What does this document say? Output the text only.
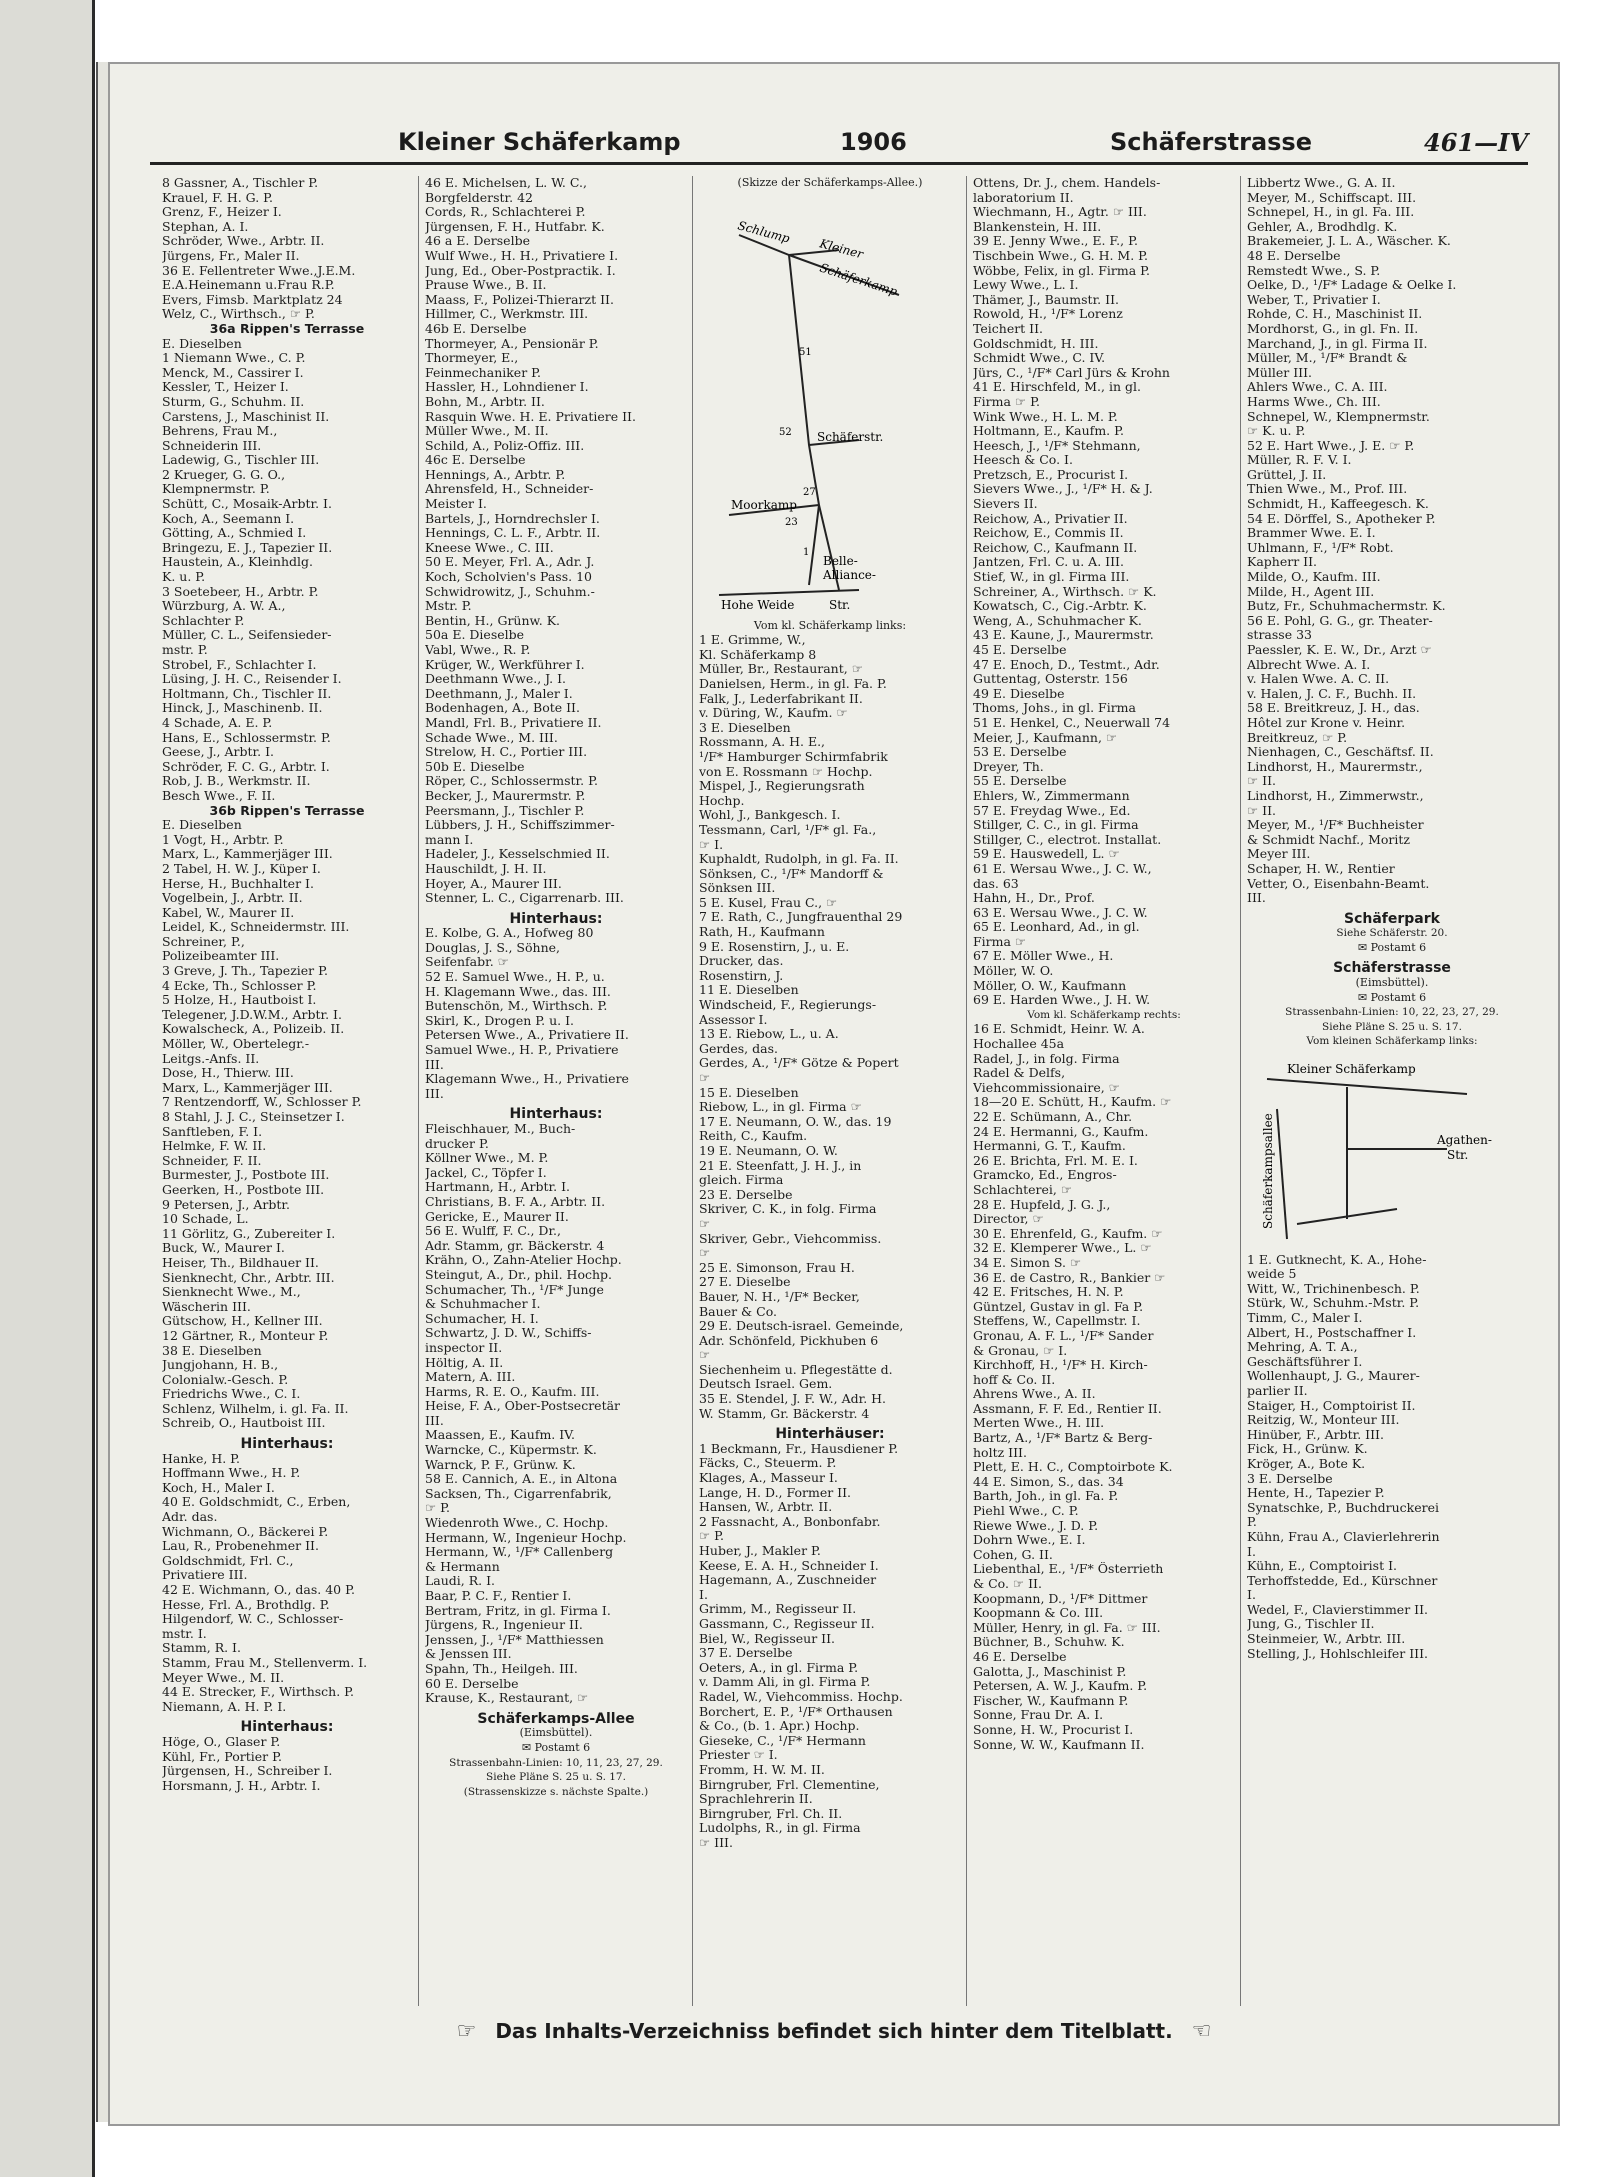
Kleiner Schäferkamp	1906	Schäferstrasse	461—IV
8 Gassner, A., Tischler P.
Krauel, F. H. G. P.
Grenz, F., Heizer I.
Stephan, A. I.
Schröder, Wwe., Arbtr. II.
Jürgens, Fr., Maler II.
36 E. Fellentreter Wwe.,J.E.M.
E.A.Heinemann u.Frau R.P.
Evers, Fimsb. Marktplatz 24
Welz, C., Wirthsch., ☞ P.
36a Rippen's Terrasse
E. Dieselben
1 Niemann Wwe., C. P.
Menck, M., Cassirer I.
Kessler, T., Heizer I.
Sturm, G., Schuhm. II.
Carstens, J., Maschinist II.
Behrens, Frau M.,
Schneiderin III.
Ladewig, G., Tischler III.
2 Krueger, G. G. O.,
Klempnermstr. P.
Schütt, C., Mosaik-Arbtr. I.
Koch, A., Seemann I.
Götting, A., Schmied I.
Bringezu, E. J., Tapezier II.
Haustein, A., Kleinhdlg.
K. u. P.
3 Soetebeer, H., Arbtr. P.
Würzburg, A. W. A.,
Schlachter P.
Müller, C. L., Seifensieder-
mstr. P.
Strobel, F., Schlachter I.
Lüsing, J. H. C., Reisender I.
Holtmann, Ch., Tischler II.
Hinck, J., Maschinenb. II.
4 Schade, A. E. P.
Hans, E., Schlossermstr. P.
Geese, J., Arbtr. I.
Schröder, F. C. G., Arbtr. I.
Rob, J. B., Werkmstr. II.
Besch Wwe., F. II.
36b Rippen's Terrasse
E. Dieselben
1 Vogt, H., Arbtr. P.
Marx, L., Kammerjäger III.
2 Tabel, H. W. J., Küper I.
Herse, H., Buchhalter I.
Vogelbein, J., Arbtr. II.
Kabel, W., Maurer II.
Leidel, K., Schneidermstr. III.
Schreiner, P.,
Polizeibeamter III.
3 Greve, J. Th., Tapezier P.
4 Ecke, Th., Schlosser P.
5 Holze, H., Hautboist I.
Telegener, J.D.W.M., Arbtr. I.
Kowalscheck, A., Polizeib. II.
Möller, W., Obertelegr.-
Leitgs.-Anfs. II.
Dose, H., Thierw. III.
Marx, L., Kammerjäger III.
7 Rentzendorff, W., Schlosser P.
8 Stahl, J. J. C., Steinsetzer I.
Sanftleben, F. I.
Helmke, F. W. II.
Schneider, F. II.
Burmester, J., Postbote III.
Geerken, H., Postbote III.
9 Petersen, J., Arbtr.
10 Schade, L.
11 Görlitz, G., Zubereiter I.
Buck, W., Maurer I.
Heiser, Th., Bildhauer II.
Sienknecht, Chr., Arbtr. III.
Sienknecht Wwe., M.,
Wäscherin III.
Gütschow, H., Kellner III.
12 Gärtner, R., Monteur P.
38 E. Dieselben
Jungjohann, H. B.,
Colonialw.-Gesch. P.
Friedrichs Wwe., C. I.
Schlenz, Wilhelm, i. gl. Fa. II.
Schreib, O., Hautboist III.
Hinterhaus:
Hanke, H. P.
Hoffmann Wwe., H. P.
Koch, H., Maler I.
40 E. Goldschmidt, C., Erben,
Adr. das.
Wichmann, O., Bäckerei P.
Lau, R., Probenehmer II.
Goldschmidt, Frl. C.,
Privatiere III.
42 E. Wichmann, O., das. 40 P.
Hesse, Frl. A., Brothdlg. P.
Hilgendorf, W. C., Schlosser-
mstr. I.
Stamm, R. I.
Stamm, Frau M., Stellenverm. I.
Meyer Wwe., M. II.
44 E. Strecker, F., Wirthsch. P.
Niemann, A. H. P. I.
Hinterhaus:
Höge, O., Glaser P.
Kühl, Fr., Portier P.
Jürgensen, H., Schreiber I.
Horsmann, J. H., Arbtr. I.
46 E. Michelsen, L. W. C.,
Borgfelderstr. 42
Cords, R., Schlachterei P.
Jürgensen, F. H., Hutfabr. K.
46 a E. Derselbe
Wulf Wwe., H. H., Privatiere I.
Jung, Ed., Ober-Postpractik. I.
Prause Wwe., B. II.
Maass, F., Polizei-Thierarzt II.
Hillmer, C., Werkmstr. III.
46b E. Derselbe
Thormeyer, A., Pensionär P.
Thormeyer, E.,
Feinmechaniker P.
Hassler, H., Lohndiener I.
Bohn, M., Arbtr. II.
Rasquin Wwe. H. E. Privatiere II.
Müller Wwe., M. II.
Schild, A., Poliz-Offiz. III.
46c E. Derselbe
Hennings, A., Arbtr. P.
Ahrensfeld, H., Schneider-
Meister I.
Bartels, J., Horndrechsler I.
Hennings, C. L. F., Arbtr. II.
Kneese Wwe., C. III.
50 E. Meyer, Frl. A., Adr. J.
Koch, Scholvien's Pass. 10
Schwidrowitz, J., Schuhm.-
Mstr. P.
Bentin, H., Grünw. K.
50a E. Dieselbe
Vabl, Wwe., R. P.
Krüger, W., Werkführer I.
Deethmann Wwe., J. I.
Deethmann, J., Maler I.
Bodenhagen, A., Bote II.
Mandl, Frl. B., Privatiere II.
Schade Wwe., M. III.
Strelow, H. C., Portier III.
50b E. Dieselbe
Röper, C., Schlossermstr. P.
Becker, J., Maurermstr. P.
Peersmann, J., Tischler P.
Lübbers, J. H., Schiffszimmer-
mann I.
Hadeler, J., Kesselschmied II.
Hauschildt, J. H. II.
Hoyer, A., Maurer III.
Stenner, L. C., Cigarrenarb. III.
Hinterhaus:
E. Kolbe, G. A., Hofweg 80
Douglas, J. S., Söhne,
Seifenfabr. ☞
52 E. Samuel Wwe., H. P., u.
H. Klagemann Wwe., das. III.
Butenschön, M., Wirthsch. P.
Skirl, K., Drogen P. u. I.
Petersen Wwe., A., Privatiere II.
Samuel Wwe., H. P., Privatiere
III.
Klagemann Wwe., H., Privatiere
III.
Hinterhaus:
Fleischhauer, M., Buch-
drucker P.
Köllner Wwe., M. P.
Jackel, C., Töpfer I.
Hartmann, H., Arbtr. I.
Christians, B. F. A., Arbtr. II.
Gericke, E., Maurer II.
56 E. Wulff, F. C., Dr.,
Adr. Stamm, gr. Bäckerstr. 4
Krähn, O., Zahn-Atelier Hochp.
Steingut, A., Dr., phil. Hochp.
Schumacher, Th., ¹/F* Junge
& Schuhmacher I.
Schumacher, H. I.
Schwartz, J. D. W., Schiffs-
inspector II.
Höltig, A. II.
Matern, A. III.
Harms, R. E. O., Kaufm. III.
Heise, F. A., Ober-Postsecretär
III.
Maassen, E., Kaufm. IV.
Warncke, C., Küpermstr. K.
Warnck, P. F., Grünw. K.
58 E. Cannich, A. E., in Altona
Sacksen, Th., Cigarrenfabrik,
☞ P.
Wiedenroth Wwe., C. Hochp.
Hermann, W., Ingenieur Hochp.
Hermann, W., ¹/F* Callenberg
& Hermann
Laudi, R. I.
Baar, P. C. F., Rentier I.
Bertram, Fritz, in gl. Firma I.
Jürgens, R., Ingenieur II.
Jenssen, J., ¹/F* Matthiessen
& Jenssen III.
Spahn, Th., Heilgeh. III.
60 E. Derselbe
Krause, K., Restaurant, ☞
Schäferkamps-Allee
(Eimsbüttel).
✉ Postamt 6
Strassenbahn-Linien: 10, 11, 23, 27, 29.
Siehe Pläne S. 25 u. S. 17.
(Strassenskizze s. nächste Spalte.)
(Skizze der Schäferkamps-Allee.)
Schlump
Kleiner
Schäferkamp
Schäferstr.
Moorkamp
Belle-
Alliance-
Hohe Weide	Str.
51
52
27
23
1
Vom kl. Schäferkamp links:
1 E. Grimme, W.,
Kl. Schäferkamp 8
Müller, Br., Restaurant, ☞
Danielsen, Herm., in gl. Fa. P.
Falk, J., Lederfabrikant II.
v. Düring, W., Kaufm. ☞
3 E. Dieselben
Rossmann, A. H. E.,
¹/F* Hamburger Schirmfabrik
von E. Rossmann ☞ Hochp.
Mispel, J., Regierungsrath
Hochp.
Wohl, J., Bankgesch. I.
Tessmann, Carl, ¹/F* gl. Fa.,
☞ I.
Kuphaldt, Rudolph, in gl. Fa. II.
Sönksen, C., ¹/F* Mandorff &
Sönksen III.
5 E. Kusel, Frau C., ☞
7 E. Rath, C., Jungfrauenthal 29
Rath, H., Kaufmann
9 E. Rosenstirn, J., u. E.
Drucker, das.
Rosenstirn, J.
11 E. Dieselben
Windscheid, F., Regierungs-
Assessor I.
13 E. Riebow, L., u. A.
Gerdes, das.
Gerdes, A., ¹/F* Götze & Popert
☞
15 E. Dieselben
Riebow, L., in gl. Firma ☞
17 E. Neumann, O. W., das. 19
Reith, C., Kaufm.
19 E. Neumann, O. W.
21 E. Steenfatt, J. H. J., in
gleich. Firma
23 E. Derselbe
Skriver, C. K., in folg. Firma
☞
Skriver, Gebr., Viehcommiss.
☞
25 E. Simonson, Frau H.
27 E. Dieselbe
Bauer, N. H., ¹/F* Becker,
Bauer & Co.
29 E. Deutsch-israel. Gemeinde,
Adr. Schönfeld, Pickhuben 6
☞
Siechenheim u. Pflegestätte d.
Deutsch Israel. Gem.
35 E. Stendel, J. F. W., Adr. H.
W. Stamm, Gr. Bäckerstr. 4
Hinterhäuser:
1 Beckmann, Fr., Hausdiener P.
Fäcks, C., Steuerm. P.
Klages, A., Masseur I.
Lange, H. D., Former II.
Hansen, W., Arbtr. II.
2 Fassnacht, A., Bonbonfabr.
☞ P.
Huber, J., Makler P.
Keese, E. A. H., Schneider I.
Hagemann, A., Zuschneider
I.
Grimm, M., Regisseur II.
Gassmann, C., Regisseur II.
Biel, W., Regisseur II.
37 E. Derselbe
Oeters, A., in gl. Firma P.
v. Damm Ali, in gl. Firma P.
Radel, W., Viehcommiss. Hochp.
Borchert, E. P., ¹/F* Orthausen
& Co., (b. 1. Apr.) Hochp.
Gieseke, C., ¹/F* Hermann
Priester ☞ I.
Fromm, H. W. M. II.
Birngruber, Frl. Clementine,
Sprachlehrerin II.
Birngruber, Frl. Ch. II.
Ludolphs, R., in gl. Firma
☞ III.
Ottens, Dr. J., chem. Handels-
laboratorium II.
Wiechmann, H., Agtr. ☞ III.
Blankenstein, H. III.
39 E. Jenny Wwe., E. F., P.
Tischbein Wwe., G. H. M. P.
Wöbbe, Felix, in gl. Firma P.
Lewy Wwe., L. I.
Thämer, J., Baumstr. II.
Rowold, H., ¹/F* Lorenz
Teichert II.
Goldschmidt, H. III.
Schmidt Wwe., C. IV.
Jürs, C., ¹/F* Carl Jürs & Krohn
41 E. Hirschfeld, M., in gl.
Firma ☞ P.
Wink Wwe., H. L. M. P.
Holtmann, E., Kaufm. P.
Heesch, J., ¹/F* Stehmann,
Heesch & Co. I.
Pretzsch, E., Procurist I.
Sievers Wwe., J., ¹/F* H. & J.
Sievers II.
Reichow, A., Privatier II.
Reichow, E., Commis II.
Reichow, C., Kaufmann II.
Jantzen, Frl. C. u. A. III.
Stief, W., in gl. Firma III.
Schreiner, A., Wirthsch. ☞ K.
Kowatsch, C., Cig.-Arbtr. K.
Weng, A., Schuhmacher K.
43 E. Kaune, J., Maurermstr.
45 E. Derselbe
47 E. Enoch, D., Testmt., Adr.
Guttentag, Osterstr. 156
49 E. Dieselbe
Thoms, Johs., in gl. Firma
51 E. Henkel, C., Neuerwall 74
Meier, J., Kaufmann, ☞
53 E. Derselbe
Dreyer, Th.
55 E. Derselbe
Ehlers, W., Zimmermann
57 E. Freydag Wwe., Ed.
Stillger, C. C., in gl. Firma
Stillger, C., electrot. Installat.
59 E. Hauswedell, L. ☞
61 E. Wersau Wwe., J. C. W.,
das. 63
Hahn, H., Dr., Prof.
63 E. Wersau Wwe., J. C. W.
65 E. Leonhard, Ad., in gl.
Firma ☞
67 E. Möller Wwe., H.
Möller, W. O.
Möller, O. W., Kaufmann
69 E. Harden Wwe., J. H. W.
Vom kl. Schäferkamp rechts:
16 E. Schmidt, Heinr. W. A.
Hochallee 45a
Radel, J., in folg. Firma
Radel & Delfs,
Viehcommissionaire, ☞
18—20 E. Schütt, H., Kaufm. ☞
22 E. Schümann, A., Chr.
24 E. Hermanni, G., Kaufm.
Hermanni, G. T., Kaufm.
26 E. Brichta, Frl. M. E. I.
Gramcko, Ed., Engros-
Schlachterei, ☞
28 E. Hupfeld, J. G. J.,
Director, ☞
30 E. Ehrenfeld, G., Kaufm. ☞
32 E. Klemperer Wwe., L. ☞
34 E. Simon S. ☞
36 E. de Castro, R., Bankier ☞
42 E. Fritsches, H. N. P.
Güntzel, Gustav in gl. Fa P.
Steffens, W., Capellmstr. I.
Gronau, A. F. L., ¹/F* Sander
& Gronau, ☞ I.
Kirchhoff, H., ¹/F* H. Kirch-
hoff & Co. II.
Ahrens Wwe., A. II.
Assmann, F. F. Ed., Rentier II.
Merten Wwe., H. III.
Bartz, A., ¹/F* Bartz & Berg-
holtz III.
Plett, E. H. C., Comptoirbote K.
44 E. Simon, S., das. 34
Barth, Joh., in gl. Fa. P.
Piehl Wwe., C. P.
Riewe Wwe., J. D. P.
Dohrn Wwe., E. I.
Cohen, G. II.
Liebenthal, E., ¹/F* Österrieth
& Co. ☞ II.
Koopmann, D., ¹/F* Dittmer
Koopmann & Co. III.
Müller, Henry, in gl. Fa. ☞ III.
Büchner, B., Schuhw. K.
46 E. Derselbe
Galotta, J., Maschinist P.
Petersen, A. W. J., Kaufm. P.
Fischer, W., Kaufmann P.
Sonne, Frau Dr. A. I.
Sonne, H. W., Procurist I.
Sonne, W. W., Kaufmann II.
Libbertz Wwe., G. A. II.
Meyer, M., Schiffscapt. III.
Schnepel, H., in gl. Fa. III.
Gehler, A., Brodhdlg. K.
Brakemeier, J. L. A., Wäscher. K.
48 E. Derselbe
Remstedt Wwe., S. P.
Oelke, D., ¹/F* Ladage & Oelke I.
Weber, T., Privatier I.
Rohde, C. H., Maschinist II.
Mordhorst, G., in gl. Fn. II.
Marchand, J., in gl. Firma II.
Müller, M., ¹/F* Brandt &
Müller III.
Ahlers Wwe., C. A. III.
Harms Wwe., Ch. III.
Schnepel, W., Klempnermstr.
☞ K. u. P.
52 E. Hart Wwe., J. E. ☞ P.
Müller, R. F. V. I.
Grüttel, J. II.
Thien Wwe., M., Prof. III.
Schmidt, H., Kaffeegesch. K.
54 E. Dörffel, S., Apotheker P.
Brammer Wwe. E. I.
Uhlmann, F., ¹/F* Robt.
Kapherr II.
Milde, O., Kaufm. III.
Milde, H., Agent III.
Butz, Fr., Schuhmachermstr. K.
56 E. Pohl, G. G., gr. Theater-
strasse 33
Paessler, K. E. W., Dr., Arzt ☞
Albrecht Wwe. A. I.
v. Halen Wwe. A. C. II.
v. Halen, J. C. F., Buchh. II.
58 E. Breitkreuz, J. H., das.
Hôtel zur Krone v. Heinr.
Breitkreuz, ☞ P.
Nienhagen, C., Geschäftsf. II.
Lindhorst, H., Maurermstr.,
☞ II.
Lindhorst, H., Zimmerwstr.,
☞ II.
Meyer, M., ¹/F* Buchheister
& Schmidt Nachf., Moritz
Meyer III.
Schaper, H. W., Rentier
Vetter, O., Eisenbahn-Beamt.
III.
Schäferpark
Siehe Schäferstr. 20.
✉ Postamt 6
Schäferstrasse
(Eimsbüttel).
✉ Postamt 6
Strassenbahn-Linien: 10, 22, 23, 27, 29.
Siehe Pläne S. 25 u. S. 17.
Vom kleinen Schäferkamp links:
Kleiner Schäferkamp
Agathen-
Str.
Schäferkampsallee
1 E. Gutknecht, K. A., Hohe-
weide 5
Witt, W., Trichinenbesch. P.
Stürk, W., Schuhm.-Mstr. P.
Timm, C., Maler I.
Albert, H., Postschaffner I.
Mehring, A. T. A.,
Geschäftsführer I.
Wollenhaupt, J. G., Maurer-
parlier II.
Staiger, H., Comptoirist II.
Reitzig, W., Monteur III.
Hinüber, F., Arbtr. III.
Fick, H., Grünw. K.
Kröger, A., Bote K.
3 E. Derselbe
Hente, H., Tapezier P.
Synatschke, P., Buchdruckerei
P.
Kühn, Frau A., Clavierlehrerin
I.
Kühn, E., Comptoirist I.
Terhoffstedde, Ed., Kürschner
I.
Wedel, F., Clavierstimmer II.
Jung, G., Tischler II.
Steinmeier, W., Arbtr. III.
Stelling, J., Hohlschleifer III.
☞ Das Inhalts-Verzeichniss befindet sich hinter dem Titelblatt. ☜
